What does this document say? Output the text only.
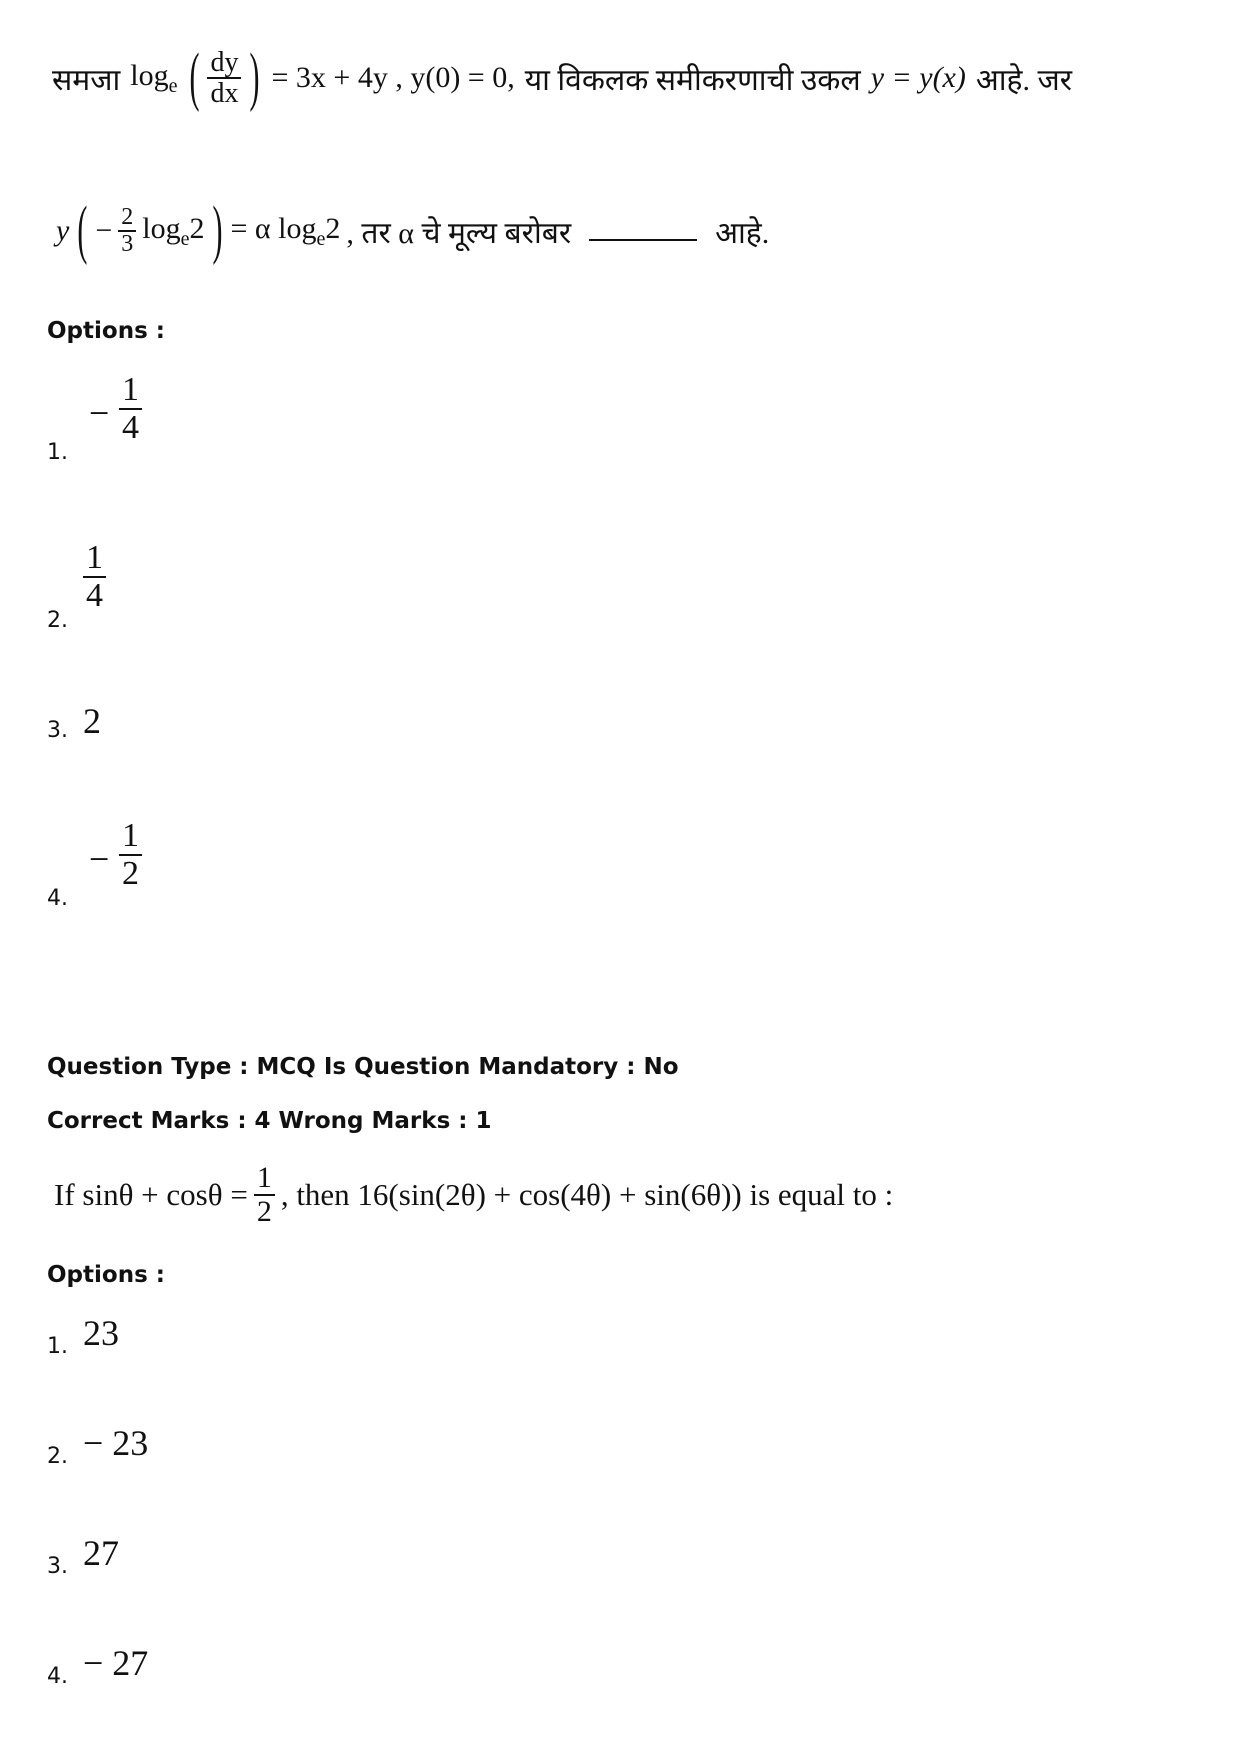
समजा $\log_e$ ( $\frac{dy}{dx}$ ) = 3x + 4y , y(0) = 0, या विकलक समीकरणाची उकल y = y(x) आहे. जर
y ( − $\frac{2}{3} \log_e2$ ) = α $\log_e2$ , तर α चे मूल्य बरोबर	आहे.
Options :
1.
− $\frac{1}{4}$
2.
$\frac{1}{4}$
3. 2
4.
− $\frac{1}{2}$
Question Type : MCQ Is Question Mandatory : No
Correct Marks : 4 Wrong Marks : 1
If $\sin\theta + \cos\theta = \frac{1}{2}$ , then 16(sin(2θ) + cos(4θ) + sin(6θ)) is equal to :
Options :
1. 23
2. − 23
3. 27
4. − 27
